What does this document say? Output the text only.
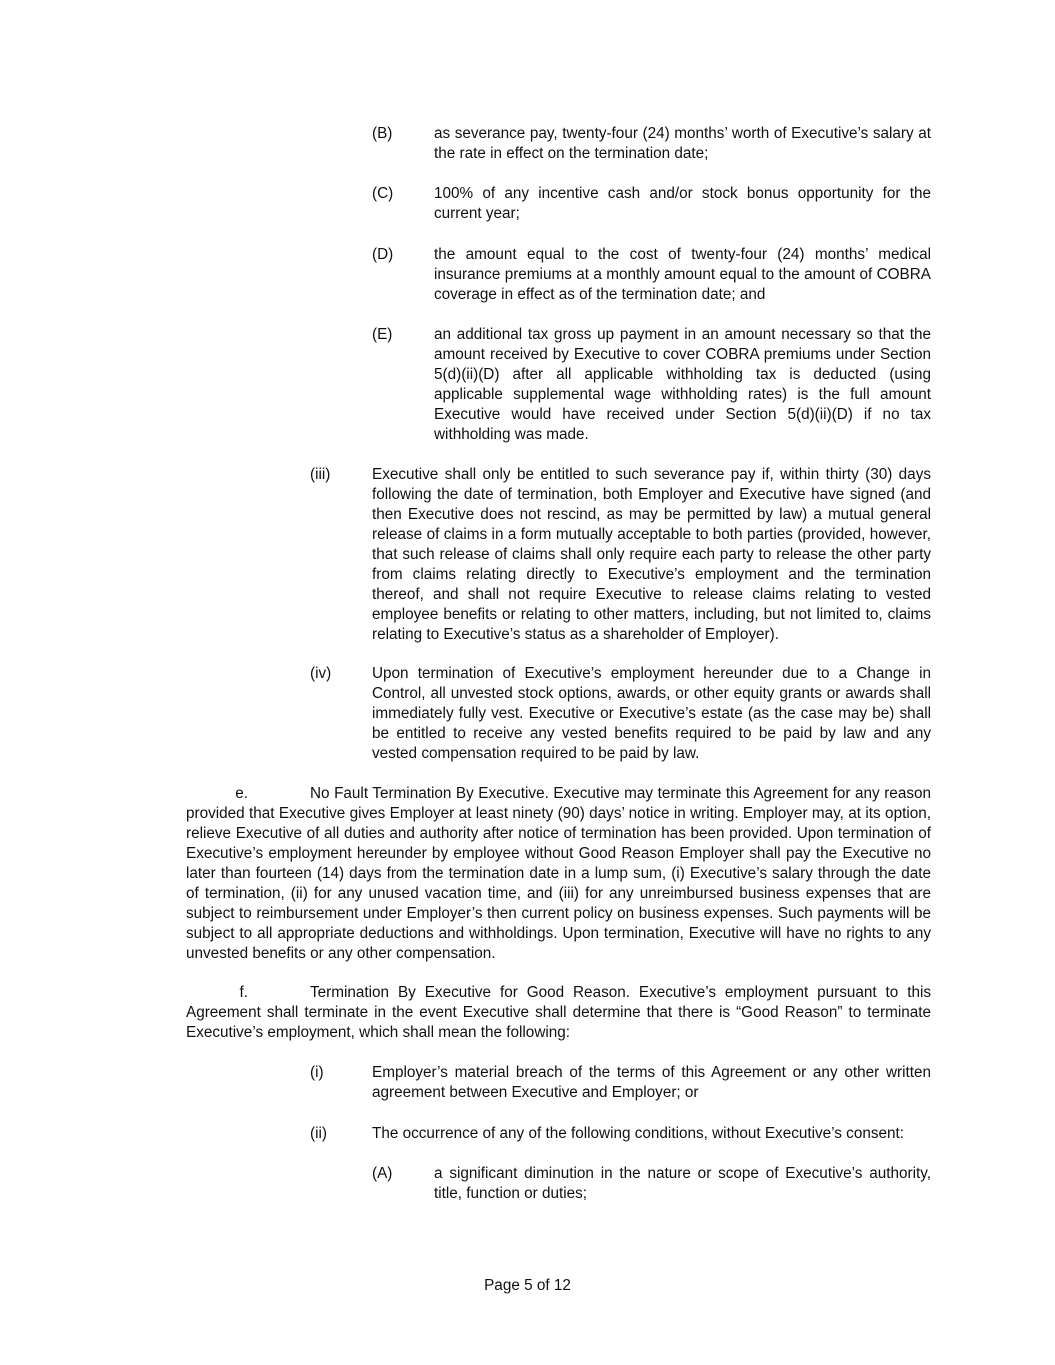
(B)	as severance pay, twenty-four (24) months’ worth of Executive’s salary at the rate in effect on the termination date;
(C)	100% of any incentive cash and/or stock bonus opportunity for the current year;
(D)	the amount equal to the cost of twenty-four (24) months’ medical insurance premiums at a monthly amount equal to the amount of COBRA coverage in effect as of the termination date; and
(E)	an additional tax gross up payment in an amount necessary so that the amount received by Executive to cover COBRA premiums under Section 5(d)(ii)(D) after all applicable withholding tax is deducted (using applicable supplemental wage withholding rates) is the full amount Executive would have received under Section 5(d)(ii)(D) if no tax withholding was made.
(iii)	Executive shall only be entitled to such severance pay if, within thirty (30) days following the date of termination, both Employer and Executive have signed (and then Executive does not rescind, as may be permitted by law) a mutual general release of claims in a form mutually acceptable to both parties (provided, however, that such release of claims shall only require each party to release the other party from claims relating directly to Executive’s employment and the termination thereof, and shall not require Executive to release claims relating to vested employee benefits or relating to other matters, including, but not limited to, claims relating to Executive’s status as a shareholder of Employer).
(iv)	Upon termination of Executive’s employment hereunder due to a Change in Control, all unvested stock options, awards, or other equity grants or awards shall immediately fully vest. Executive or Executive’s estate (as the case may be) shall be entitled to receive any vested benefits required to be paid by law and any vested compensation required to be paid by law.
e.	No Fault Termination By Executive. Executive may terminate this Agreement for any reason provided that Executive gives Employer at least ninety (90) days’ notice in writing. Employer may, at its option, relieve Executive of all duties and authority after notice of termination has been provided. Upon termination of Executive’s employment hereunder by employee without Good Reason Employer shall pay the Executive no later than fourteen (14) days from the termination date in a lump sum, (i) Executive’s salary through the date of termination, (ii) for any unused vacation time, and (iii) for any unreimbursed business expenses that are subject to reimbursement under Employer’s then current policy on business expenses. Such payments will be subject to all appropriate deductions and withholdings. Upon termination, Executive will have no rights to any unvested benefits or any other compensation.
f.	Termination By Executive for Good Reason. Executive’s employment pursuant to this Agreement shall terminate in the event Executive shall determine that there is “Good Reason” to terminate Executive’s employment, which shall mean the following:
(i)	Employer’s material breach of the terms of this Agreement or any other written agreement between Executive and Employer; or
(ii)	The occurrence of any of the following conditions, without Executive’s consent:
(A)	a significant diminution in the nature or scope of Executive’s authority, title, function or duties;
Page 5 of 12
